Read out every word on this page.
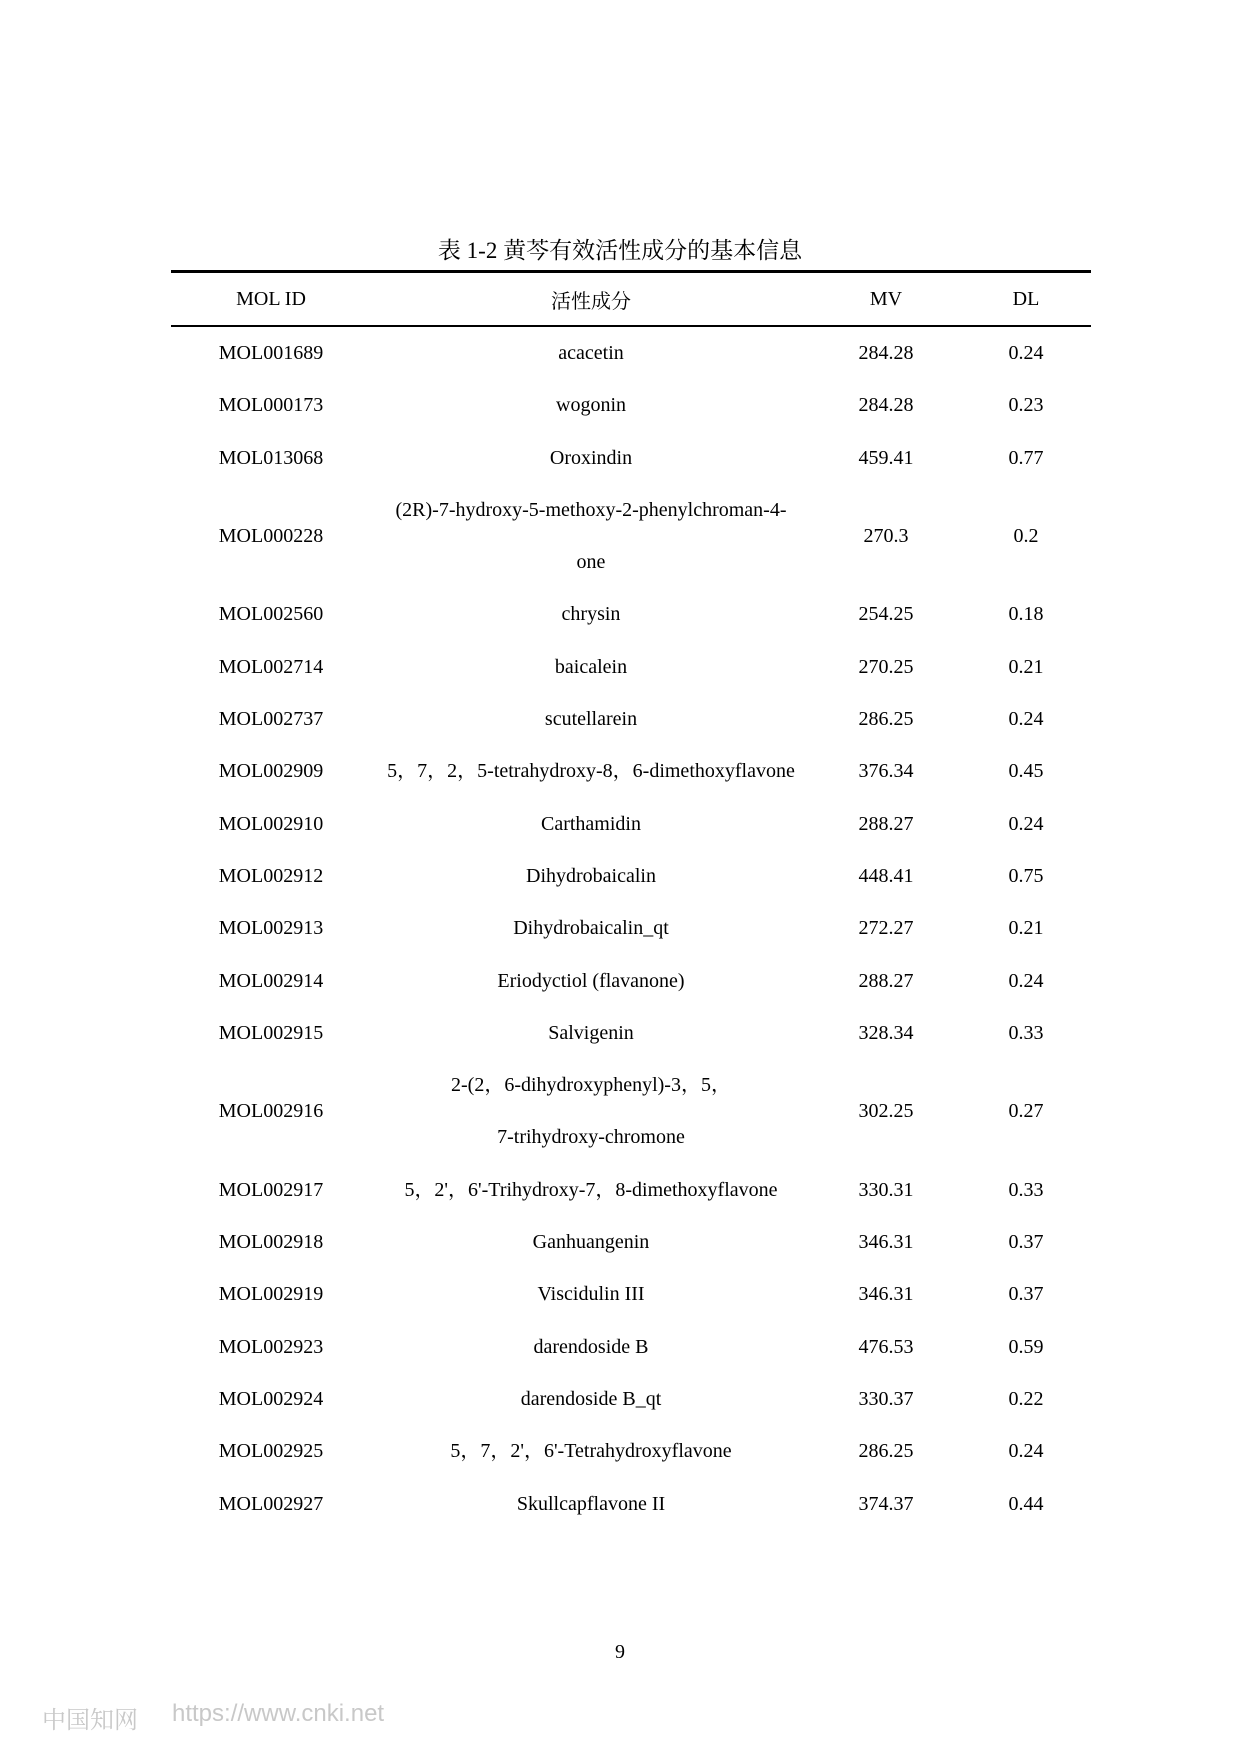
表 1-2 黄芩有效活性成分的基本信息
MOL ID	活性成分	MV	DL
MOL001689	acacetin	284.28	0.24
MOL000173	wogonin	284.28	0.23
MOL013068	Oroxindin	459.41	0.77
MOL000228	(2R)-7-hydroxy-5-methoxy-2-phenylchroman-4-	270.3	0.2
	one		
MOL002560	chrysin	254.25	0.18
MOL002714	baicalein	270.25	0.21
MOL002737	scutellarein	286.25	0.24
MOL002909	5，7，2，5-tetrahydroxy-8，6-dimethoxyflavone	376.34	0.45
MOL002910	Carthamidin	288.27	0.24
MOL002912	Dihydrobaicalin	448.41	0.75
MOL002913	Dihydrobaicalin_qt	272.27	0.21
MOL002914	Eriodyctiol (flavanone)	288.27	0.24
MOL002915	Salvigenin	328.34	0.33
MOL002916	2-(2，6-dihydroxyphenyl)-3，5，	302.25	0.27
	7-trihydroxy-chromone		
MOL002917	5，2'，6'-Trihydroxy-7，8-dimethoxyflavone	330.31	0.33
MOL002918	Ganhuangenin	346.31	0.37
MOL002919	Viscidulin III	346.31	0.37
MOL002923	darendoside B	476.53	0.59
MOL002924	darendoside B_qt	330.37	0.22
MOL002925	5，7，2'，6'-Tetrahydroxyflavone	286.25	0.24
MOL002927	Skullcapflavone II	374.37	0.44
9
中国知网 https://www.cnki.net
